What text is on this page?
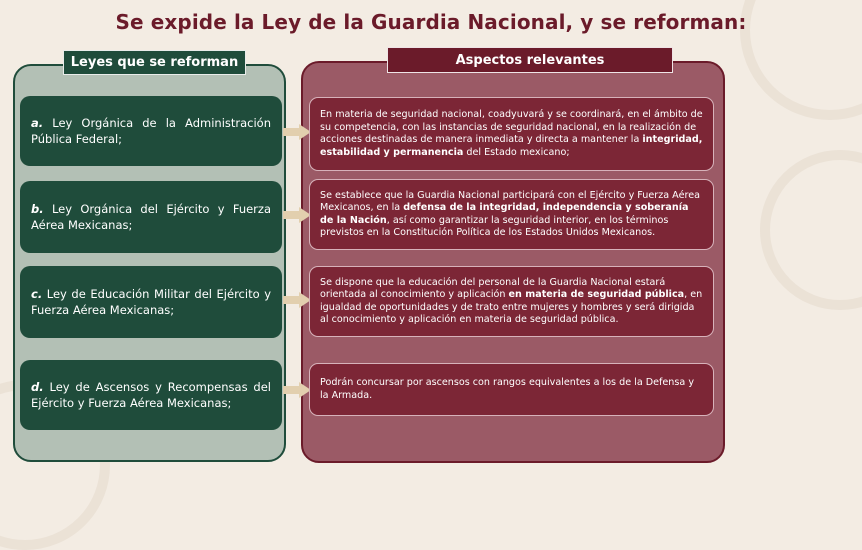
Se expide la Ley de la Guardia Nacional, y se reforman:
Leyes que se reforman	Aspectos relevantes
a. Ley Orgánica de la Administración Pública Federal;
b. Ley Orgánica del Ejército y Fuerza Aérea Mexicanas;
c. Ley de Educación Militar del Ejército y Fuerza Aérea Mexicanas;
d. Ley de Ascensos y Recompensas del Ejército y Fuerza Aérea Mexicanas;
En materia de seguridad nacional, coadyuvará y se coordinará, en el ámbito de su competencia, con las instancias de seguridad nacional, en la realización de acciones destinadas de manera inmediata y directa a mantener la integridad, estabilidad y permanencia del Estado mexicano;
Se establece que la Guardia Nacional participará con el Ejército y Fuerza Aérea Mexicanos, en la defensa de la integridad, independencia y soberanía de la Nación, así como garantizar la seguridad interior, en los términos previstos en la Constitución Política de los Estados Unidos Mexicanos.
Se dispone que la educación del personal de la Guardia Nacional estará orientada al conocimiento y aplicación en materia de seguridad pública, en igualdad de oportunidades y de trato entre mujeres y hombres y será dirigida al conocimiento y aplicación en materia de seguridad pública.
Podrán concursar por ascensos con rangos equivalentes a los de la Defensa y la Armada.
